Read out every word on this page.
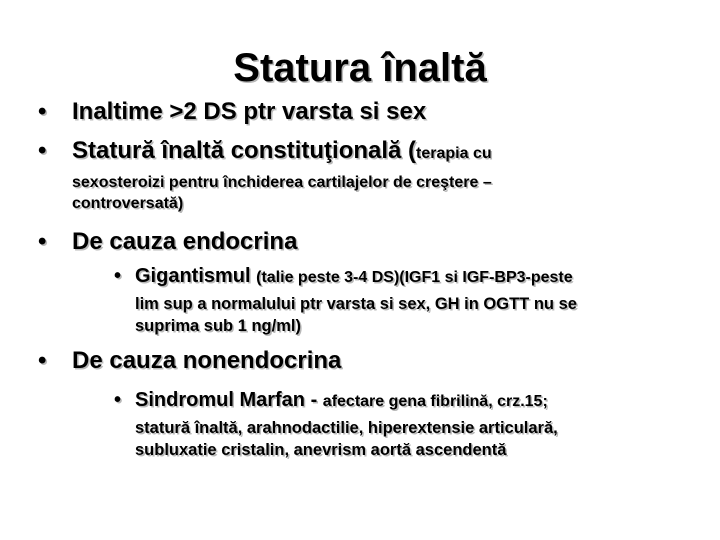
Statura înaltă
• Inaltime >2 DS ptr varsta si sex
• Statură înaltă constituţională (terapia cu
sexosteroizi pentru închiderea cartilajelor de creştere –
controversată)
• De cauza endocrina
• Gigantismul (talie peste 3-4 DS)(IGF1 si IGF-BP3-peste
lim sup a normalului ptr varsta si sex, GH in OGTT nu se
suprima sub 1 ng/ml)
• De cauza nonendocrina
• Sindromul Marfan - afectare gena fibrilină, crz.15;
statură înaltă, arahnodactilie, hiperextensie articulară,
subluxatie cristalin, anevrism aortă ascendentă
